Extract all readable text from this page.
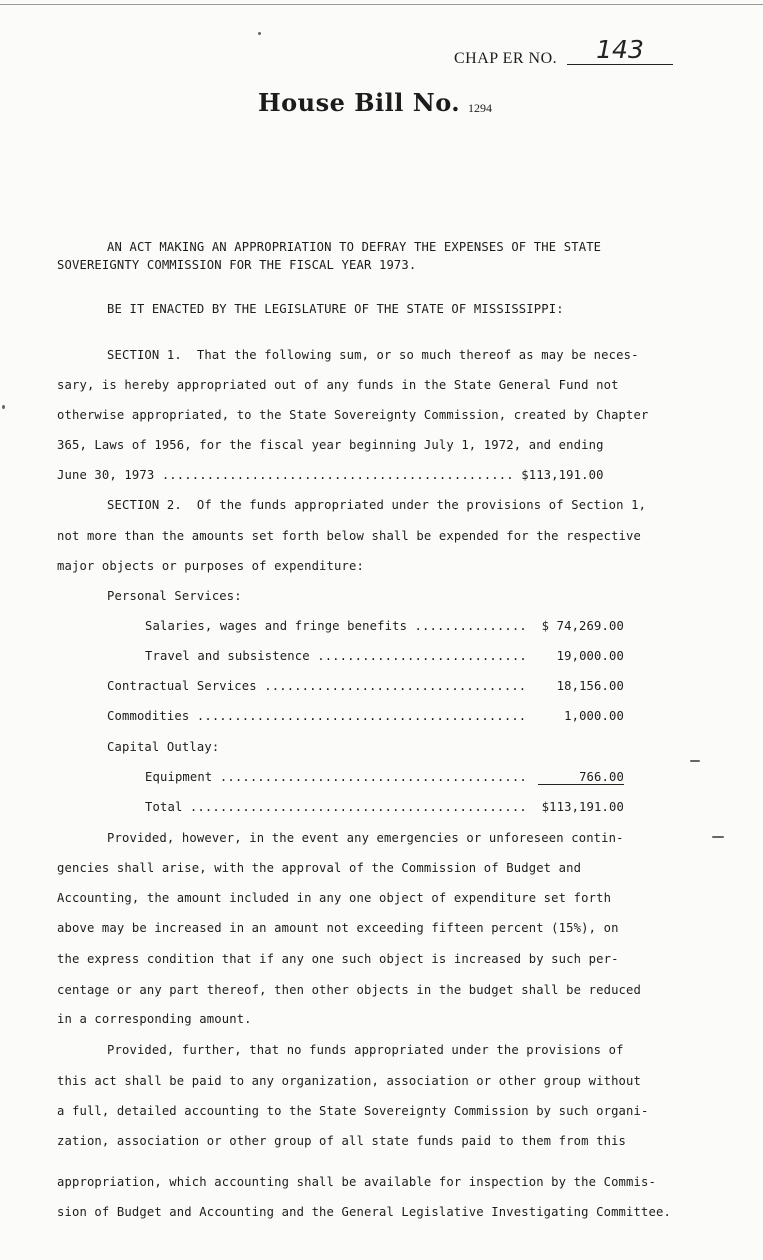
CHAP ER NO.	143
House Bill No. 1294
AN ACT MAKING AN APPROPRIATION TO DEFRAY THE EXPENSES OF THE STATE
SOVEREIGNTY COMMISSION FOR THE FISCAL YEAR 1973.
BE IT ENACTED BY THE LEGISLATURE OF THE STATE OF MISSISSIPPI:
SECTION 1.  That the following sum, or so much thereof as may be neces-
sary, is hereby appropriated out of any funds in the State General Fund not
otherwise appropriated, to the State Sovereignty Commission, created by Chapter
365, Laws of 1956, for the fiscal year beginning July 1, 1972, and ending
June 30, 1973 ............................................... $113,191.00
SECTION 2.  Of the funds appropriated under the provisions of Section 1,
not more than the amounts set forth below shall be expended for the respective
major objects or purposes of expenditure:
Personal Services:
Salaries, wages and fringe benefits ...............	$ 74,269.00
Travel and subsistence ............................	19,000.00
Contractual Services ...................................	18,156.00
Commodities ............................................	1,000.00
Capital Outlay:
Equipment .........................................	766.00
Total .............................................	$113,191.00
Provided, however, in the event any emergencies or unforeseen contin-
gencies shall arise, with the approval of the Commission of Budget and
Accounting, the amount included in any one object of expenditure set forth
above may be increased in an amount not exceeding fifteen percent (15%), on
the express condition that if any one such object is increased by such per-
centage or any part thereof, then other objects in the budget shall be reduced
in a corresponding amount.
Provided, further, that no funds appropriated under the provisions of
this act shall be paid to any organization, association or other group without
a full, detailed accounting to the State Sovereignty Commission by such organi-
zation, association or other group of all state funds paid to them from this
appropriation, which accounting shall be available for inspection by the Commis-
sion of Budget and Accounting and the General Legislative Investigating Committee.
